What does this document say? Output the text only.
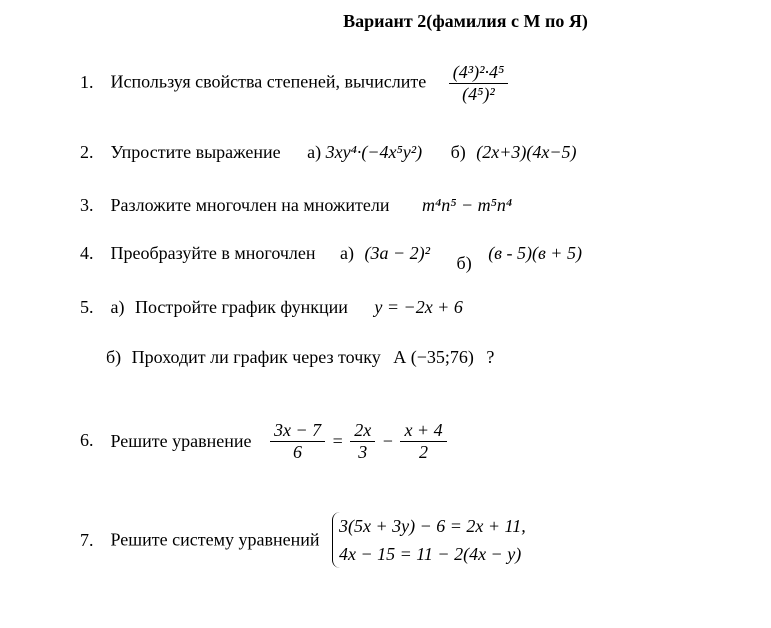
Вариант 2(фамилия с М по Я)
1. Используя свойства степеней, вычислите $\frac{\text{(4³)²·4⁵}}{\text{(4⁵)²}}$
2. Упростите выражение а) 3xy⁴·(−4x⁵y²) б) (2x+3)(4x−5)
3. Разложите многочлен на множители m⁴n⁵ − m⁵n⁴
4. Преобразуйте в многочлен а) (3a − 2)² б) (в - 5)(в + 5)
5. а) Постройте график функции y = −2x + 6
б) Проходит ли график через точку А (−35;76) ?
6. Решите уравнение $\frac{3x - 7}{6} = \frac{2x}{3} - \frac{x + 4}{2}$
7. Решите систему уравнений
3(5x + 3y) − 6 = 2x + 11,
4x − 15 = 11 − 2(4x − y)
